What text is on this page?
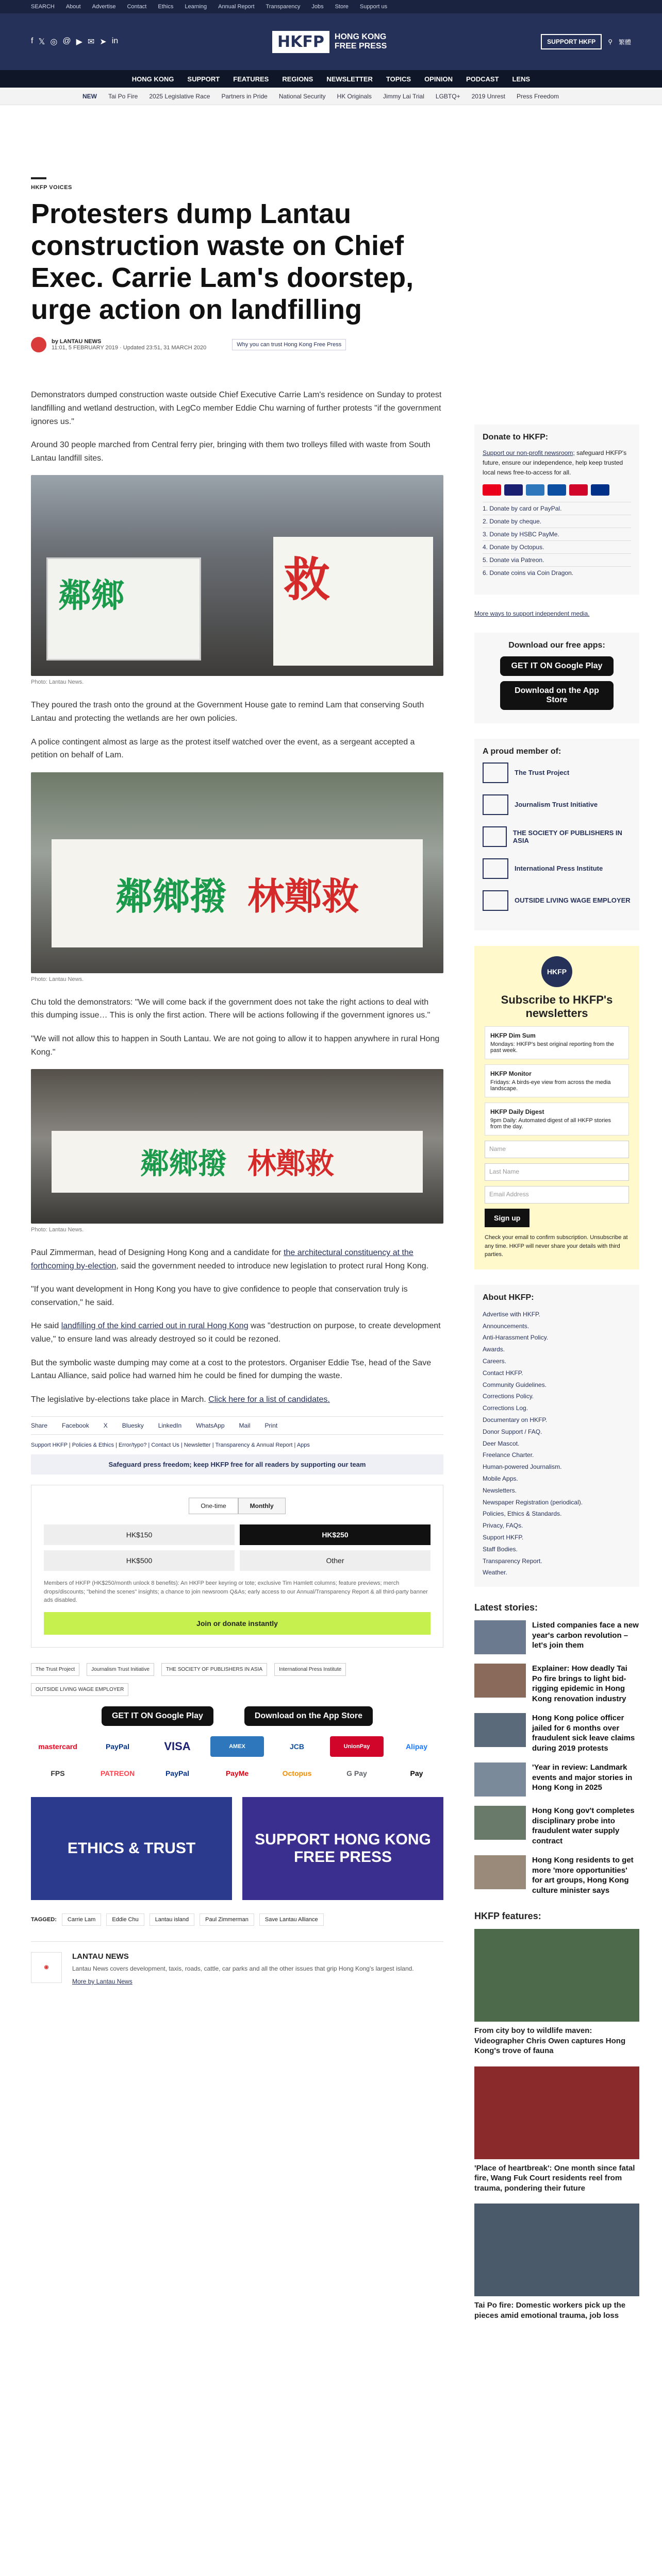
SEARCH About Advertise Contact Ethics Learning Annual Report Transparency Jobs Store Support us
f 𝕏 ◎ @ ▶ ✉ ➤ in	HKFP	HONG KONG
FREE PRESS	SUPPORT HKFP	⚲ 繁體
HONG KONG SUPPORT FEATURES REGIONS NEWSLETTER TOPICS OPINION PODCAST LENS
NEW Tai Po Fire 2025 Legislative Race Partners in Pride National Security HK Originals Jimmy Lai Trial LGBTQ+ 2019 Unrest Press Freedom
HKFP VOICES
Protesters dump Lantau construction waste on Chief Exec. Carrie Lam's doorstep, urge action on landfilling
by LANTAU NEWS
11:01, 5 FEBRUARY 2019 · Updated 23:51, 31 MARCH 2020	Why you can trust Hong Kong Free Press

Demonstrators dumped construction waste outside Chief Executive Carrie Lam's residence on Sunday to protest landfilling and wetland destruction, with LegCo member Eddie Chu warning of further protests "if the government ignores us."

Around 30 people marched from Central ferry pier, bringing with them two trolleys filled with waste from South Lantau landfill sites.

鄰鄉	救
Photo: Lantau News.

They poured the trash onto the ground at the Government House gate to remind Lam that conserving South Lantau and protecting the wetlands are her own policies.

A police contingent almost as large as the protest itself watched over the event, as a sergeant accepted a petition on behalf of Lam.

鄰鄉撥 林鄭救
Photo: Lantau News.

Chu told the demonstrators: "We will come back if the government does not take the right actions to deal with this dumping issue… This is only the first action. There will be actions following if the government ignores us."

"We will not allow this to happen in South Lantau. We are not going to allow it to happen anywhere in rural Hong Kong."

鄰鄉撥 林鄭救
Photo: Lantau News.

Paul Zimmerman, head of Designing Hong Kong and a candidate for the architectural constituency at the forthcoming by-election, said the government needed to introduce new legislation to protect rural Hong Kong.

"If you want development in Hong Kong you have to give confidence to people that conservation truly is conservation," he said.

He said landfilling of the kind carried out in rural Hong Kong was "destruction on purpose, to create development value," to ensure land was already destroyed so it could be rezoned.

But the symbolic waste dumping may come at a cost to the protestors. Organiser Eddie Tse, head of the Save Lantau Alliance, said police had warned him he could be fined for dumping the waste.

The legislative by-elections take place in March. Click here for a list of candidates.

Share Facebook X Bluesky LinkedIn WhatsApp Mail Print
Support HKFP | Policies & Ethics | Error/typo? | Contact Us | Newsletter | Transparency & Annual Report | Apps
Safeguard press freedom; keep HKFP free for all readers by supporting our team
One-time	Monthly
HK$150	HK$250
HK$500	Other
Members of HKFP (HK$250/month unlock 8 benefits): An HKFP beer keyring or tote; exclusive Tim Hamlett columns; feature previews; merch drops/discounts; "behind the scenes" insights; a chance to join newsroom Q&As; early access to our Annual/Transparency Report & all third-party banner ads disabled.
Join or donate instantly
The Trust Project	Journalism Trust Initiative	THE SOCIETY OF PUBLISHERS IN ASIA	International Press Institute
OUTSIDE LIVING WAGE EMPLOYER
GET IT ON Google Play	Download on the App Store
mastercard	PayPal	VISA	AMEX	JCB	UnionPay	Alipay
FPS	PATREON	PayPal	PayMe	Octopus	G Pay	Pay
ETHICS & TRUST
SUPPORT HONG KONG FREE PRESS
TAGGED:	Carrie Lam	Eddie Chu	Lantau island	Paul Zimmerman	Save Lantau Alliance
◉
LANTAU NEWS
Lantau News covers development, taxis, roads, cattle, car parks and all the other issues that grip Hong Kong's largest island.
More by Lantau News
Donate to HKFP:

Support our non-profit newsroom; safeguard HKFP's future, ensure our independence, help keep trusted local news free-to-access for all.

1. Donate by card or PayPal.
2. Donate by cheque.
3. Donate by HSBC PayMe.
4. Donate by Octopus.
5. Donate via Patreon.
6. Donate coins via Coin Dragon.
More ways to support independent media.
Download our free apps:
GET IT ON Google Play
Download on the App Store
A proud member of:
The Trust Project
Journalism Trust Initiative
THE SOCIETY OF PUBLISHERS IN ASIA
International Press Institute
OUTSIDE LIVING WAGE EMPLOYER
HKFP
Subscribe to HKFP's newsletters
HKFP Dim Sum
Mondays: HKFP's best original reporting from the past week.
HKFP Monitor
Fridays: A birds-eye view from across the media landscape.
HKFP Daily Digest
9pm Daily: Automated digest of all HKFP stories from the day.
Name
Last Name
Email Address
Sign up
Check your email to confirm subscription. Unsubscribe at any time. HKFP will never share your details with third parties.
About HKFP:
Advertise with HKFP.
Announcements.
Anti-Harassment Policy.
Awards.
Careers.
Contact HKFP.
Community Guidelines.
Corrections Policy.
Corrections Log.
Documentary on HKFP.
Donor Support / FAQ.
Deer Mascot.
Freelance Charter.
Human-powered Journalism.
Mobile Apps.
Newsletters.
Newspaper Registration (periodical).
Policies, Ethics & Standards.
Privacy, FAQs.
Support HKFP.
Staff Bodies.
Transparency Report.
Weather.
Latest stories:
Listed companies face a new year's carbon revolution – let's join them
Explainer: How deadly Tai Po fire brings to light bid-rigging epidemic in Hong Kong renovation industry
Hong Kong police officer jailed for 6 months over fraudulent sick leave claims during 2019 protests
'Year in review: Landmark events and major stories in Hong Kong in 2025
Hong Kong gov't completes disciplinary probe into fraudulent water supply contract
Hong Kong residents to get more 'more opportunities' for art groups, Hong Kong culture minister says
HKFP features:
From city boy to wildlife maven: Videographer Chris Owen captures Hong Kong's trove of fauna
'Place of heartbreak': One month since fatal fire, Wang Fuk Court residents reel from trauma, pondering their future
Tai Po fire: Domestic workers pick up the pieces amid emotional trauma, job loss
